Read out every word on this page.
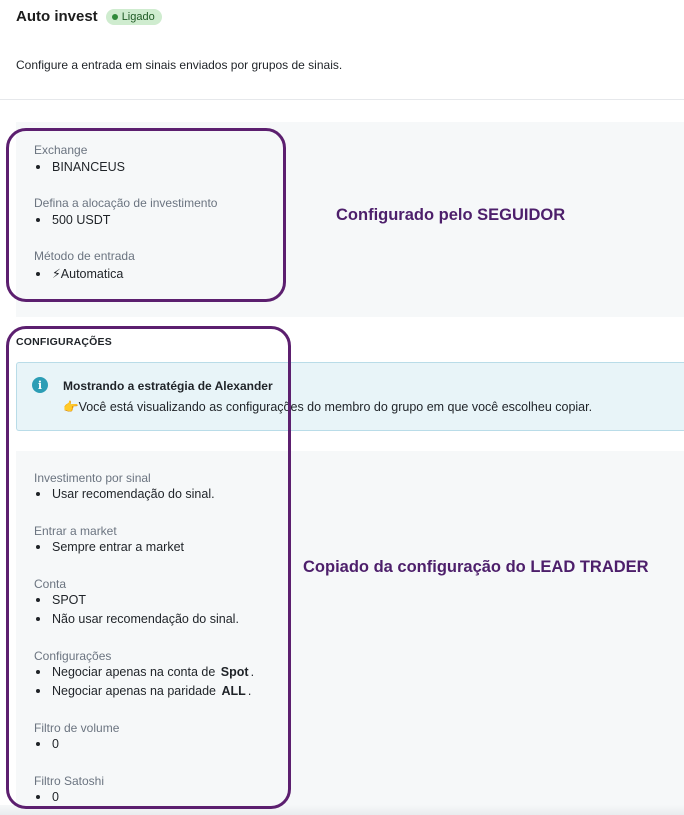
Auto invest Ligado
Configure a entrada em sinais enviados por grupos de sinais.
Exchange
BINANCEUS
Defina a alocação de investimento
500 USDT
Método de entrada
⚡Automatica
CONFIGURAÇÕES
i	Mostrando a estratégia de Alexander
👉Você está visualizando as configurações do membro do grupo em que você escolheu copiar.
Investimento por sinal
Usar recomendação do sinal.
Entrar a market
Sempre entrar a market
Conta
SPOT
Não usar recomendação do sinal.
Configurações
Negociar apenas na conta de
Spot .
Negociar apenas na paridade
ALL .
Filtro de volume
0
Filtro Satoshi
0
Configurado pelo SEGUIDOR
Copiado da configuração do LEAD TRADER
